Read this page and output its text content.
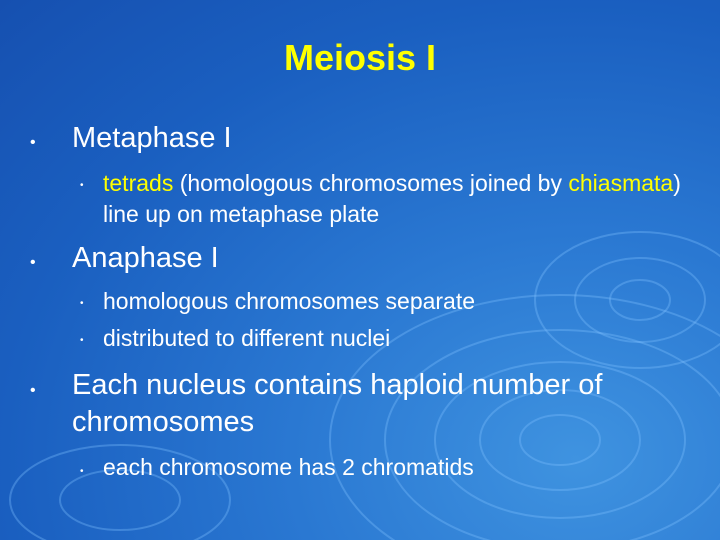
Meiosis I
• Metaphase I
• tetrads (homologous chromosomes joined by chiasmata) line up on metaphase plate
• Anaphase I
• homologous chromosomes separate
• distributed to different nuclei
• Each nucleus contains haploid number of
chromosomes
• each chromosome has 2 chromatids
